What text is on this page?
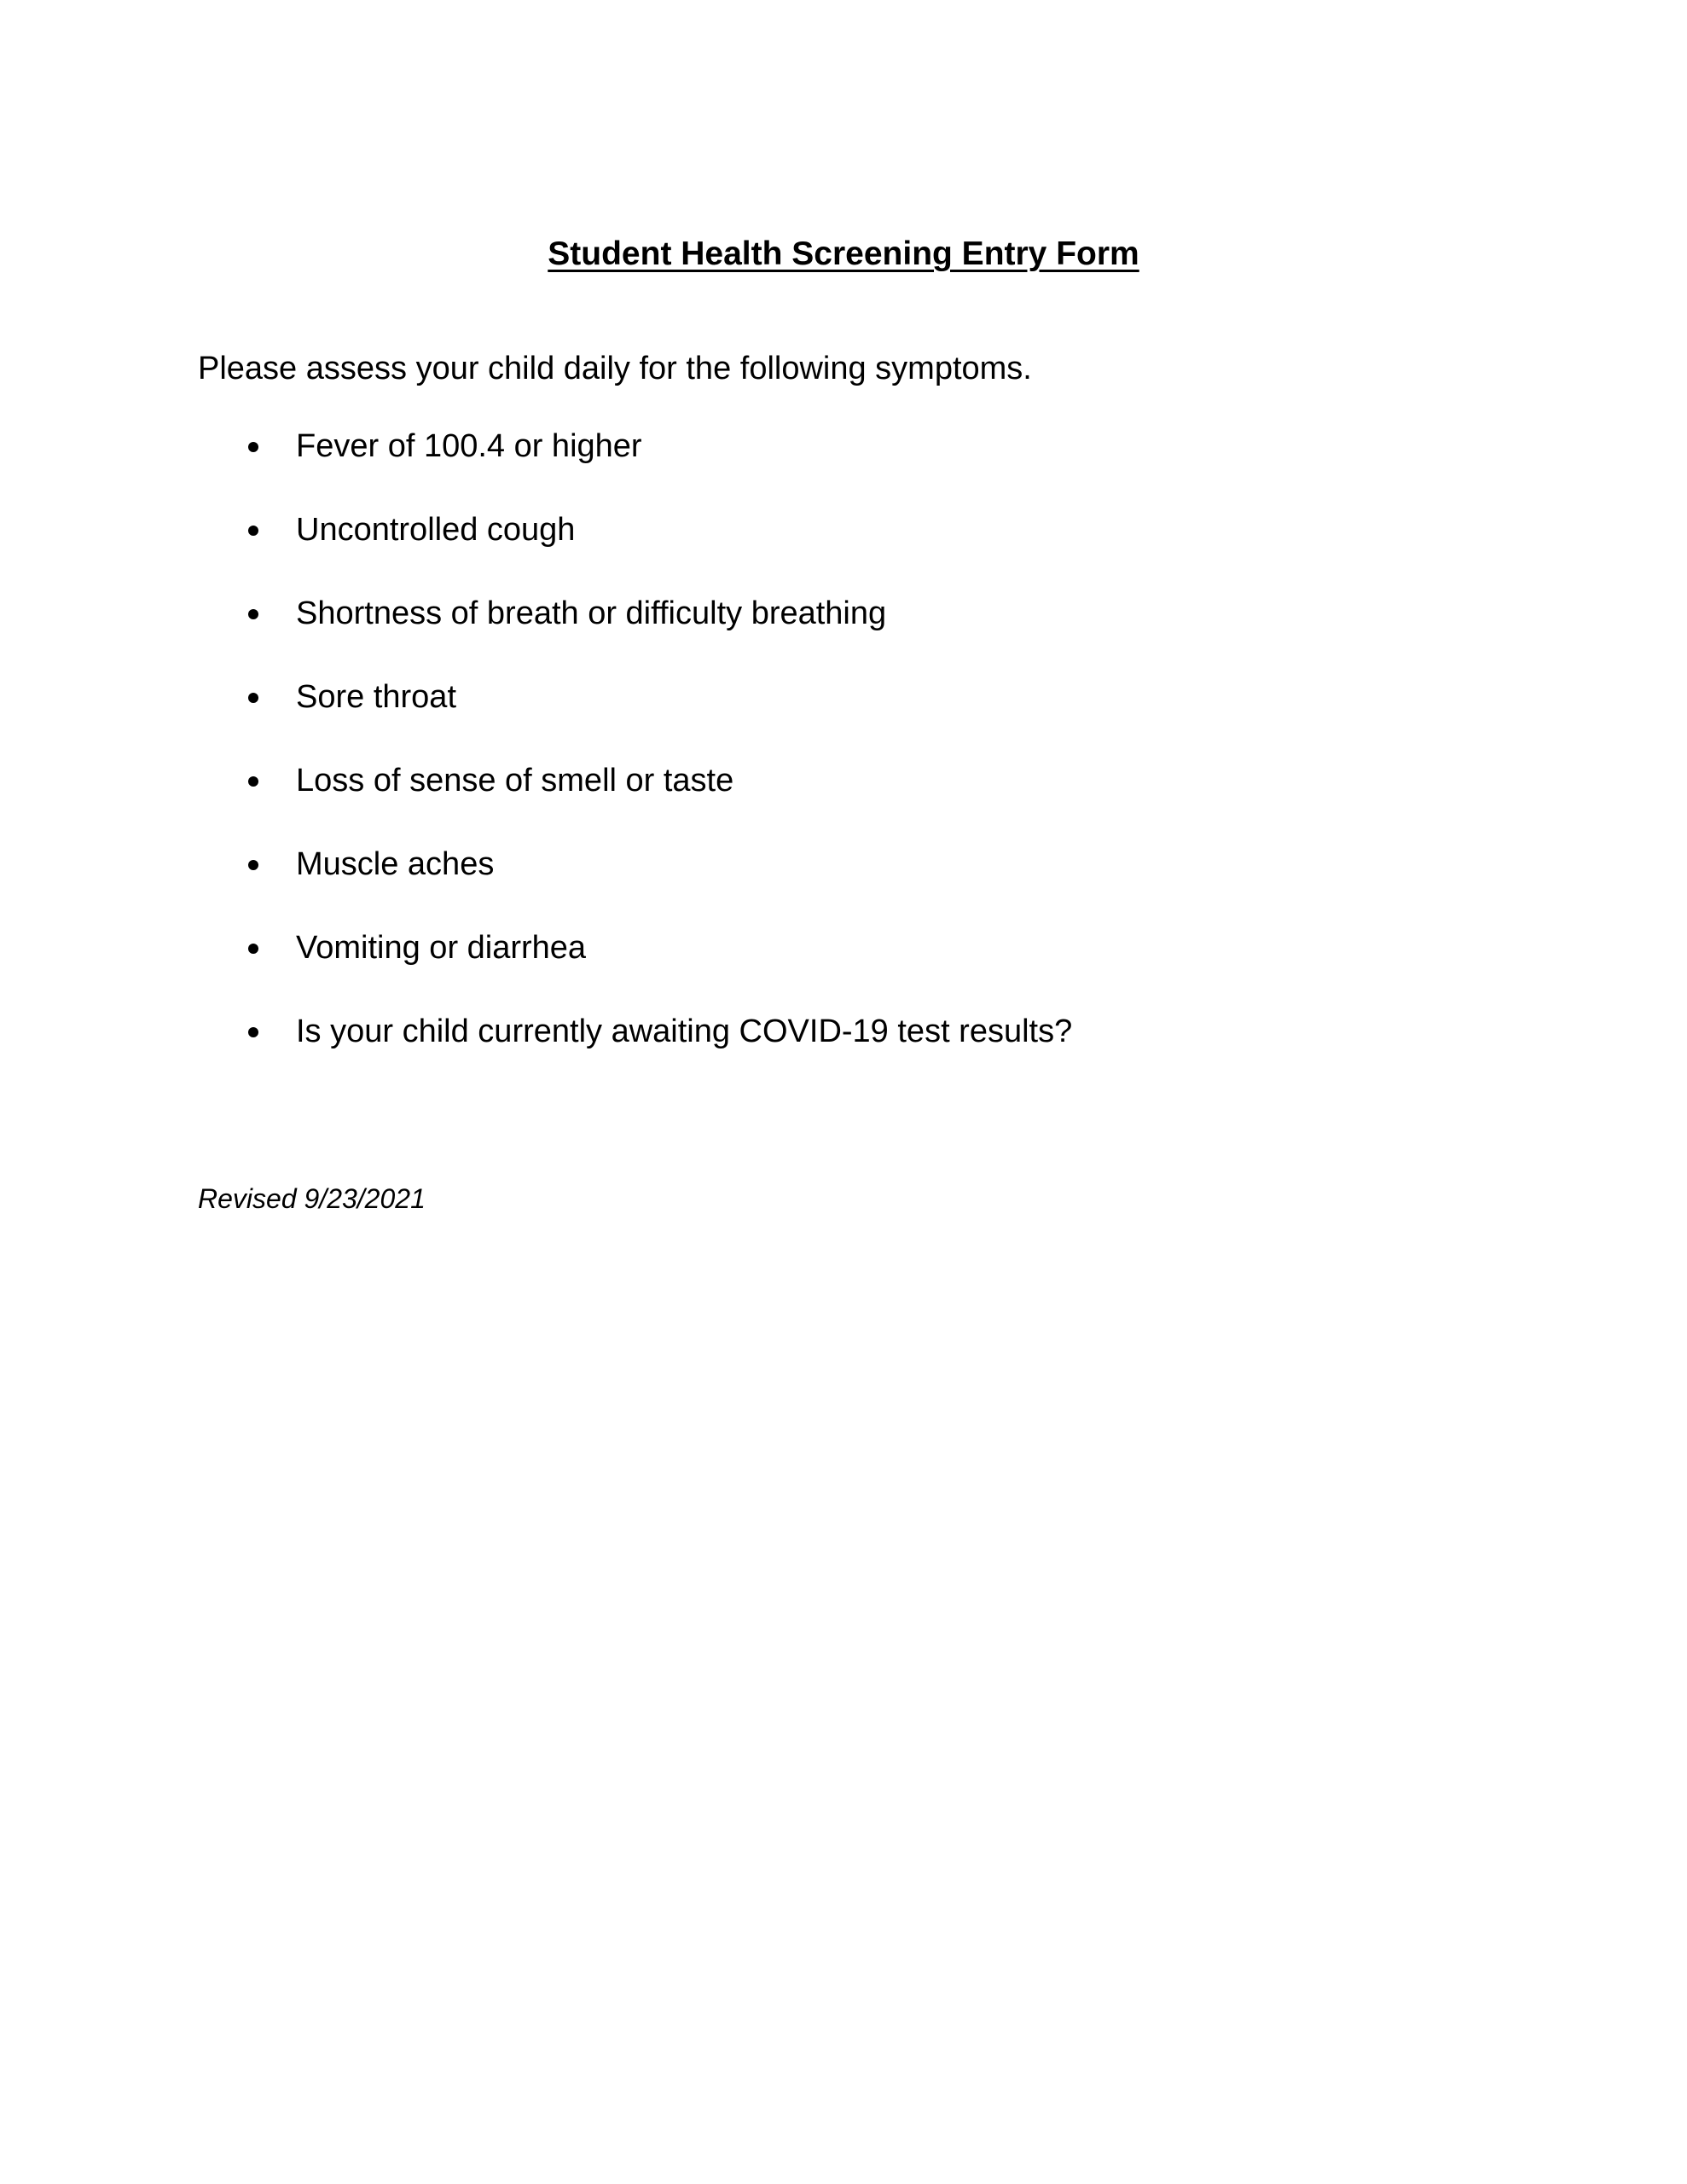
Student Health Screening Entry Form

Please assess your child daily for the following symptoms.

Fever of 100.4 or higher
Uncontrolled cough
Shortness of breath or difficulty breathing
Sore throat
Loss of sense of smell or taste
Muscle aches
Vomiting or diarrhea
Is your child currently awaiting COVID-19 test results?

Revised 9/23/2021
